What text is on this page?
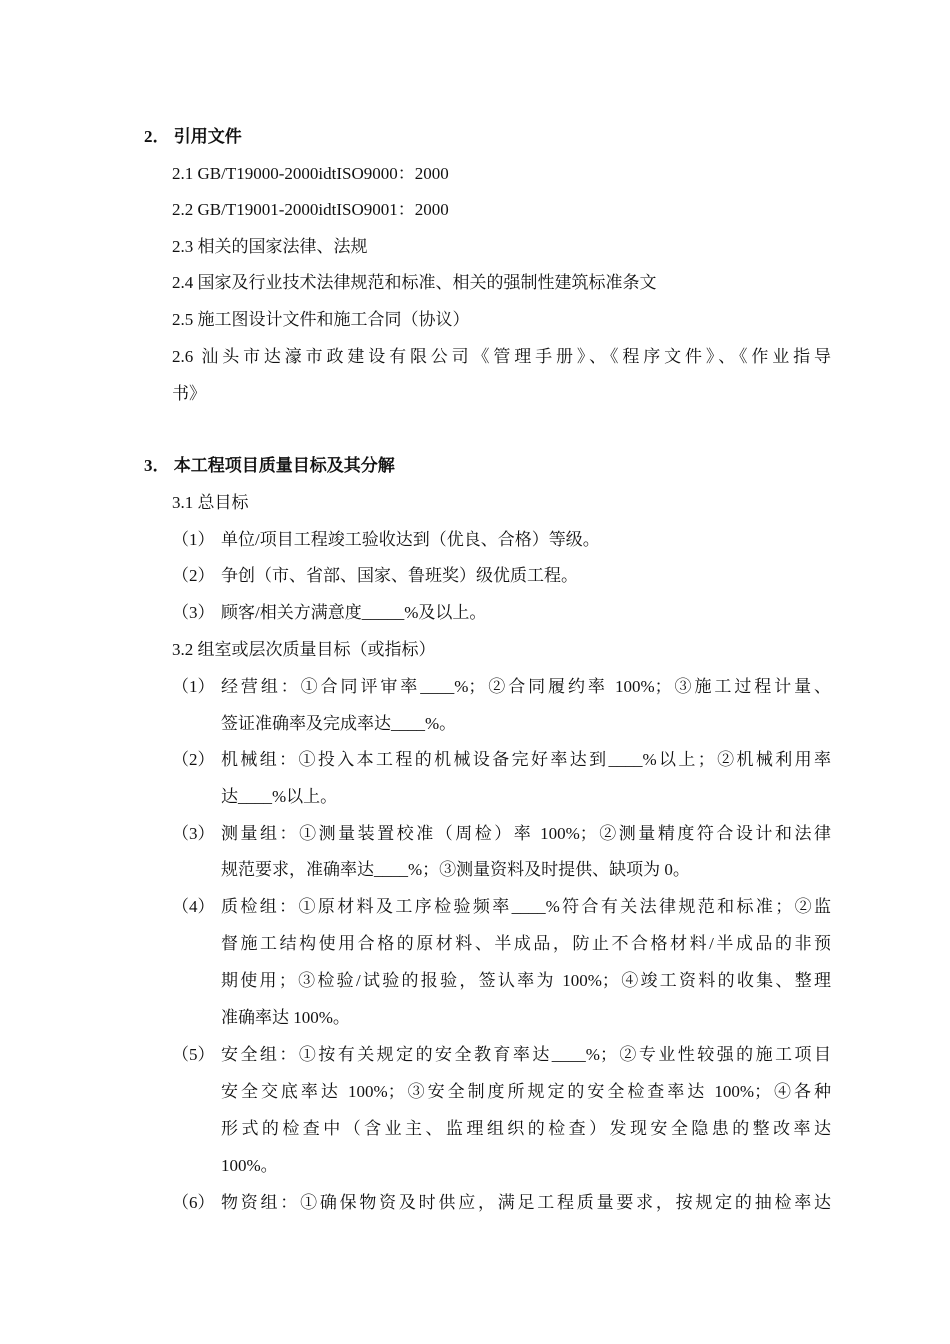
2． 引用文件
2.1 GB/T19000-2000idtISO9000：2000
2.2 GB/T19001-2000idtISO9001：2000
2.3 相关的国家法律、法规
2.4 国家及行业技术法律规范和标准、相关的强制性建筑标准条文
2.5 施工图设计文件和施工合同（协议）
2.6 汕头市达濠市政建设有限公司《管理手册》、《程序文件》、《作业指导
书》
3． 本工程项目质量目标及其分解
3.1 总目标
（1） 单位/项目工程竣工验收达到（优良、合格）等级。
（2） 争创（市、省部、国家、鲁班奖）级优质工程。
（3） 顾客/相关方满意度_____%及以上。
3.2 组室或层次质量目标（或指标）
（1） 经营组：①合同评审率____%；②合同履约率 100%；③施工过程计量、
签证准确率及完成率达____%。
（2） 机械组：①投入本工程的机械设备完好率达到____%以上；②机械利用率
达____%以上。
（3） 测量组：①测量装置校准（周检）率 100%；②测量精度符合设计和法律
规范要求，准确率达____%；③测量资料及时提供、缺项为 0。
（4） 质检组：①原材料及工序检验频率____%符合有关法律规范和标准；②监
督施工结构使用合格的原材料、半成品，防止不合格材料/半成品的非预
期使用；③检验/试验的报验，签认率为 100%；④竣工资料的收集、整理
准确率达 100%。
（5） 安全组：①按有关规定的安全教育率达____%；②专业性较强的施工项目
安全交底率达 100%；③安全制度所规定的安全检查率达 100%；④各种
形式的检查中（含业主、监理组织的检查）发现安全隐患的整改率达
100%。
（6） 物资组：①确保物资及时供应，满足工程质量要求，按规定的抽检率达
